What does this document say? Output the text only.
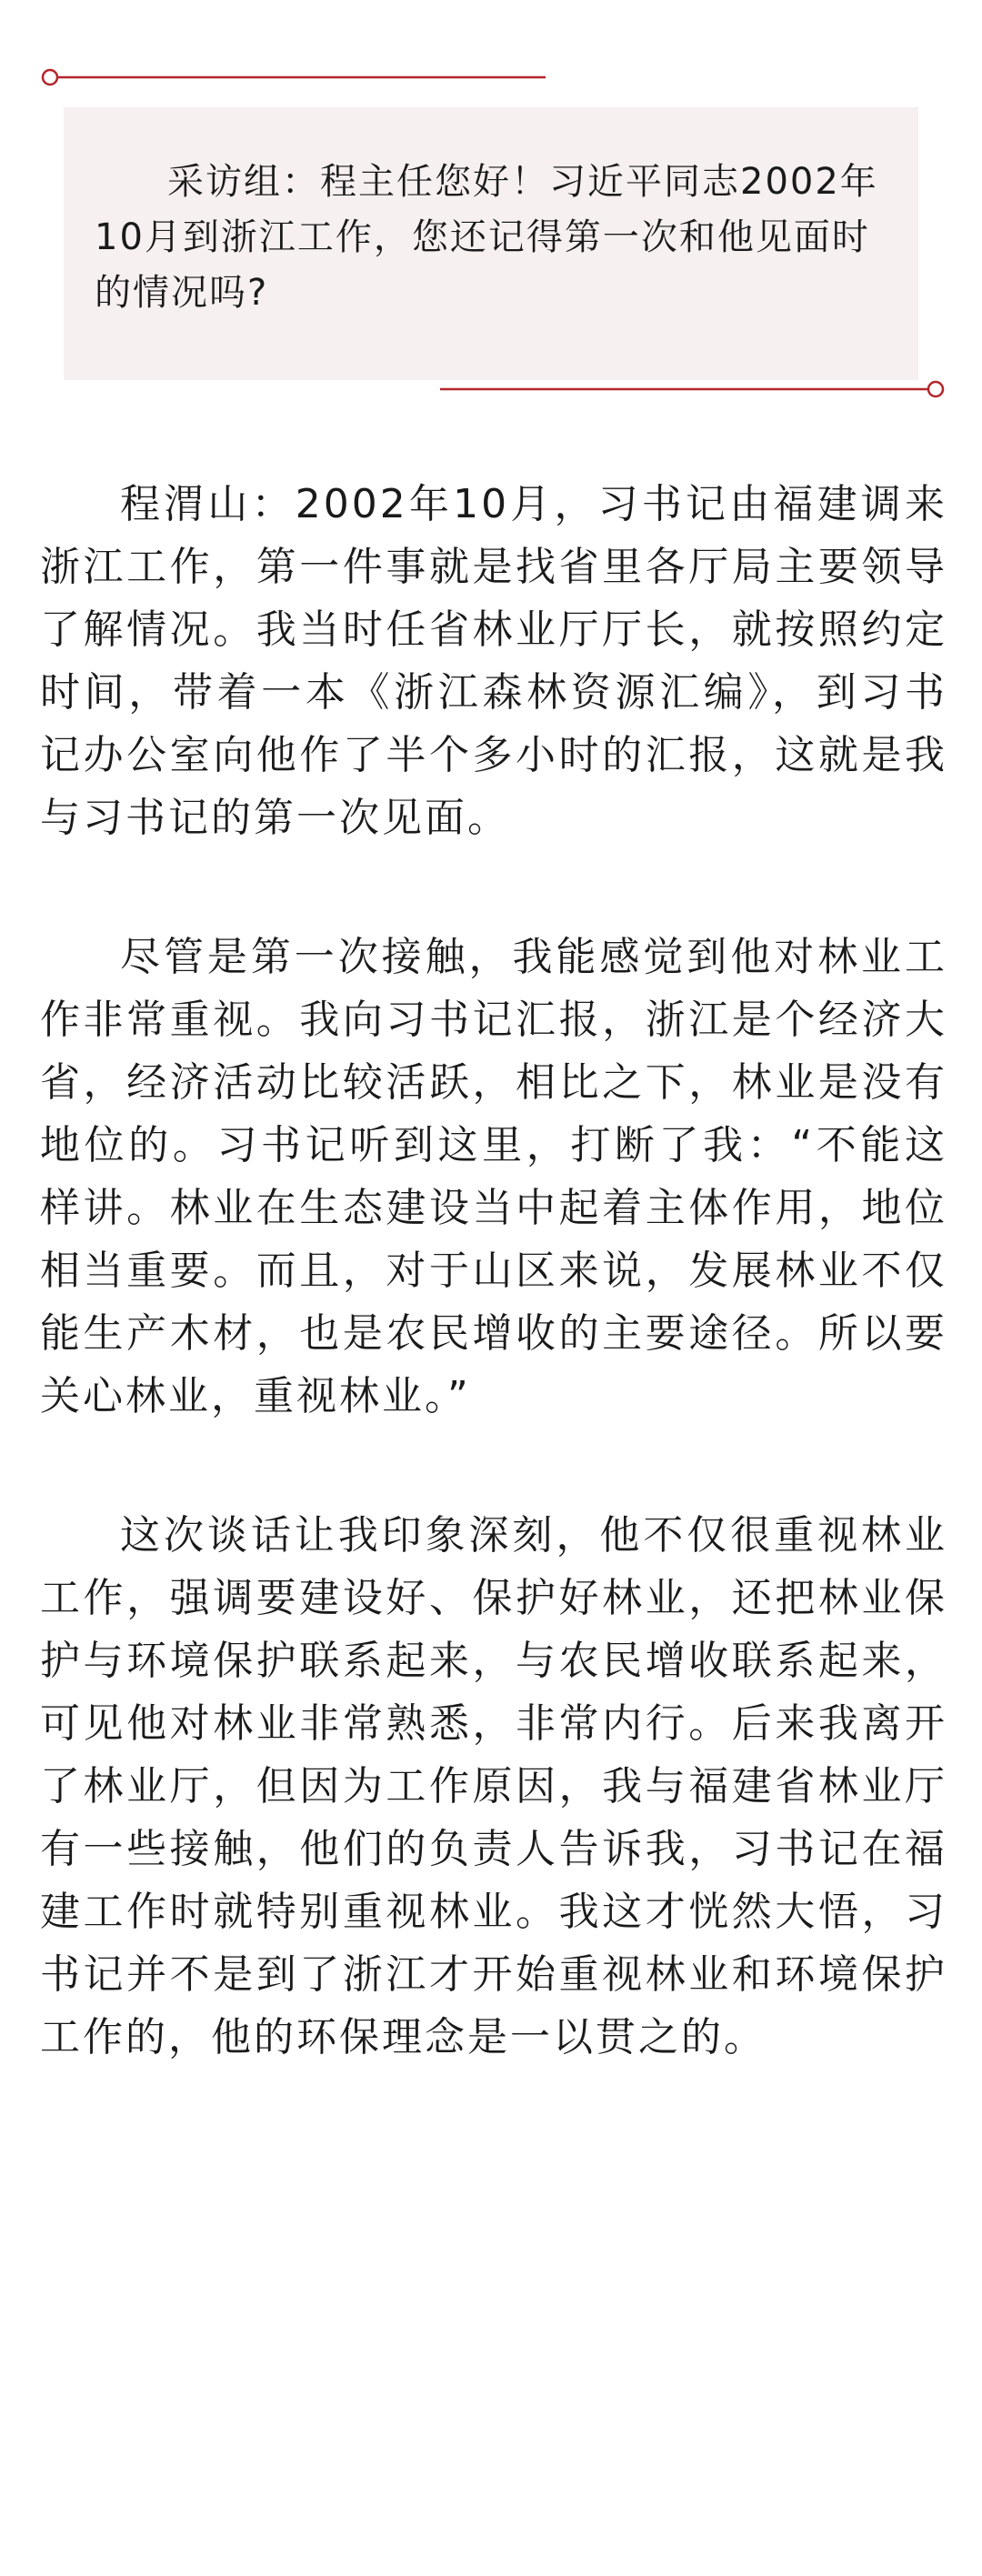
采访组：程主任您好！习近平同志2002年10月到浙江工作，您还记得第一次和他见面时的情况吗?

程渭山：2002年10月，习书记由福建调来浙江工作，第一件事就是找省里各厅局主要领导了解情况。我当时任省林业厅厅长，就按照约定时间，带着一本《浙江森林资源汇编》，到习书记办公室向他作了半个多小时的汇报，这就是我与习书记的第一次见面。

尽管是第一次接触，我能感觉到他对林业工作非常重视。我向习书记汇报，浙江是个经济大省，经济活动比较活跃，相比之下，林业是没有地位的。习书记听到这里，打断了我：“不能这样讲。林业在生态建设当中起着主体作用，地位相当重要。而且，对于山区来说，发展林业不仅能生产木材，也是农民增收的主要途径。所以要关心林业，重视林业。”

这次谈话让我印象深刻，他不仅很重视林业工作，强调要建设好、保护好林业，还把林业保护与环境保护联系起来，与农民增收联系起来，可见他对林业非常熟悉，非常内行。后来我离开了林业厅，但因为工作原因，我与福建省林业厅有一些接触，他们的负责人告诉我，习书记在福建工作时就特别重视林业。我这才恍然大悟，习书记并不是到了浙江才开始重视林业和环境保护工作的，他的环保理念是一以贯之的。
